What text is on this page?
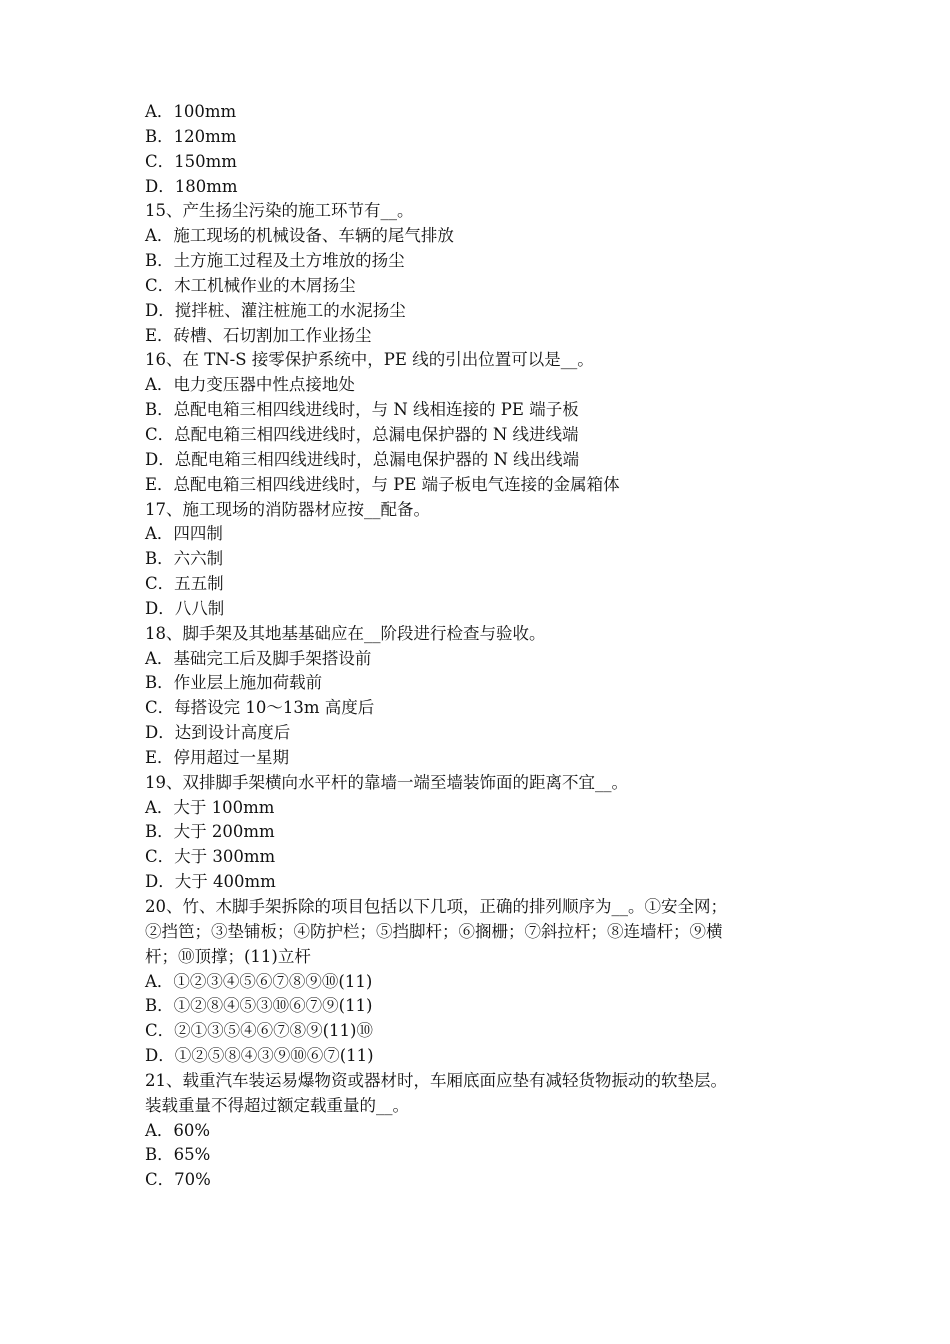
A．100mm
B．120mm
C．150mm
D．180mm
15、产生扬尘污染的施工环节有__。
A．施工现场的机械设备、车辆的尾气排放
B．土方施工过程及土方堆放的扬尘
C．木工机械作业的木屑扬尘
D．搅拌桩、灌注桩施工的水泥扬尘
E．砖槽、石切割加工作业扬尘
16、在 TN-S 接零保护系统中，PE 线的引出位置可以是__。
A．电力变压器中性点接地处
B．总配电箱三相四线进线时，与 N 线相连接的 PE 端子板
C．总配电箱三相四线进线时，总漏电保护器的 N 线进线端
D．总配电箱三相四线进线时，总漏电保护器的 N 线出线端
E．总配电箱三相四线进线时，与 PE 端子板电气连接的金属箱体
17、施工现场的消防器材应按__配备。
A．四四制
B．六六制
C．五五制
D．八八制
18、脚手架及其地基基础应在__阶段进行检查与验收。
A．基础完工后及脚手架搭设前
B．作业层上施加荷载前
C．每搭设完 10～13m 高度后
D．达到设计高度后
E．停用超过一星期
19、双排脚手架横向水平杆的靠墙一端至墙装饰面的距离不宜__。
A．大于 100mm
B．大于 200mm
C．大于 300mm
D．大于 400mm
20、竹、木脚手架拆除的项目包括以下几项，正确的排列顺序为__。①安全网；
②挡笆；③垫铺板；④防护栏；⑤挡脚杆；⑥搁栅；⑦斜拉杆；⑧连墙杆；⑨横
杆；⑩顶撑；(11)立杆
A．①②③④⑤⑥⑦⑧⑨⑩(11)
B．①②⑧④⑤③⑩⑥⑦⑨(11)
C．②①③⑤④⑥⑦⑧⑨(11)⑩
D．①②⑤⑧④③⑨⑩⑥⑦(11)
21、载重汽车装运易爆物资或器材时，车厢底面应垫有减轻货物振动的软垫层。
装载重量不得超过额定载重量的__。
A．60%
B．65%
C．70%
